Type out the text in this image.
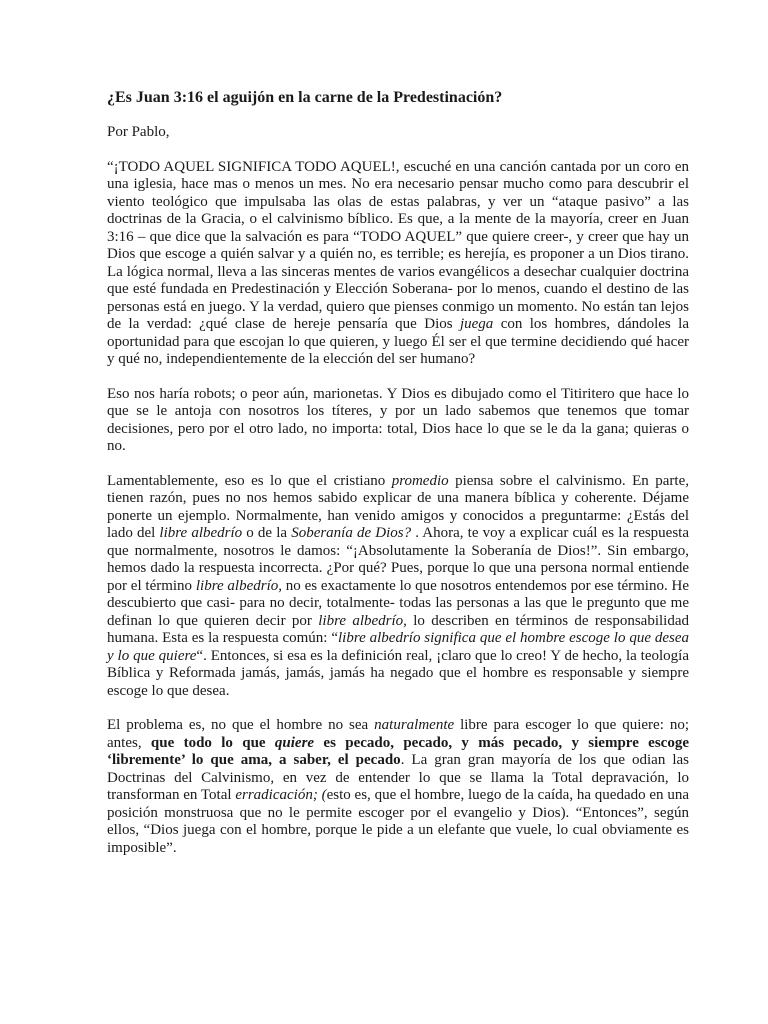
¿Es Juan 3:16 el aguijón en la carne de la Predestinación?

Por Pablo,

“¡TODO AQUEL SIGNIFICA TODO AQUEL!, escuché en una canción cantada por un coro en una iglesia, hace mas o menos un mes. No era necesario pensar mucho como para descubrir el viento teológico que impulsaba las olas de estas palabras, y ver un “ataque pasivo” a las doctrinas de la Gracia, o el calvinismo bíblico. Es que, a la mente de la mayoría, creer en Juan 3:16 – que dice que la salvación es para “TODO AQUEL” que quiere creer-, y creer que hay un Dios que escoge a quién salvar y a quién no, es terrible; es herejía, es proponer a un Dios tirano. La lógica normal, lleva a las sinceras mentes de varios evangélicos a desechar cualquier doctrina que esté fundada en Predestinación y Elección Soberana- por lo menos, cuando el destino de las personas está en juego. Y la verdad, quiero que pienses conmigo un momento. No están tan lejos de la verdad: ¿qué clase de hereje pensaría que Dios juega con los hombres, dándoles la oportunidad para que escojan lo que quieren, y luego Él ser el que termine decidiendo qué hacer y qué no, independientemente de la elección del ser humano?

Eso nos haría robots; o peor aún, marionetas. Y Dios es dibujado como el Titiritero que hace lo que se le antoja con nosotros los títeres, y por un lado sabemos que tenemos que tomar decisiones, pero por el otro lado, no importa: total, Dios hace lo que se le da la gana; quieras o no.

Lamentablemente, eso es lo que el cristiano promedio piensa sobre el calvinismo. En parte, tienen razón, pues no nos hemos sabido explicar de una manera bíblica y coherente. Déjame ponerte un ejemplo. Normalmente, han venido amigos y conocidos a preguntarme: ¿Estás del lado del libre albedrío o de la Soberanía de Dios? . Ahora, te voy a explicar cuál es la respuesta que normalmente, nosotros le damos: “¡Absolutamente la Soberanía de Dios!”. Sin embargo, hemos dado la respuesta incorrecta. ¿Por qué? Pues, porque lo que una persona normal entiende por el término libre albedrío, no es exactamente lo que nosotros entendemos por ese término. He descubierto que casi- para no decir, totalmente- todas las personas a las que le pregunto que me definan lo que quieren decir por libre albedrío, lo describen en términos de responsabilidad humana. Esta es la respuesta común: “libre albedrío significa que el hombre escoge lo que desea y lo que quiere“. Entonces, si esa es la definición real, ¡claro que lo creo! Y de hecho, la teología Bíblica y Reformada jamás, jamás, jamás ha negado que el hombre es responsable y siempre escoge lo que desea.

El problema es, no que el hombre no sea naturalmente libre para escoger lo que quiere: no; antes, que todo lo que quiere es pecado, pecado, y más pecado, y siempre escoge ‘libremente’ lo que ama, a saber, el pecado. La gran gran mayoría de los que odian las Doctrinas del Calvinismo, en vez de entender lo que se llama la Total depravación, lo transforman en Total erradicación; (esto es, que el hombre, luego de la caída, ha quedado en una posición monstruosa que no le permite escoger por el evangelio y Dios). “Entonces”, según ellos, “Dios juega con el hombre, porque le pide a un elefante que vuele, lo cual obviamente es imposible”.
